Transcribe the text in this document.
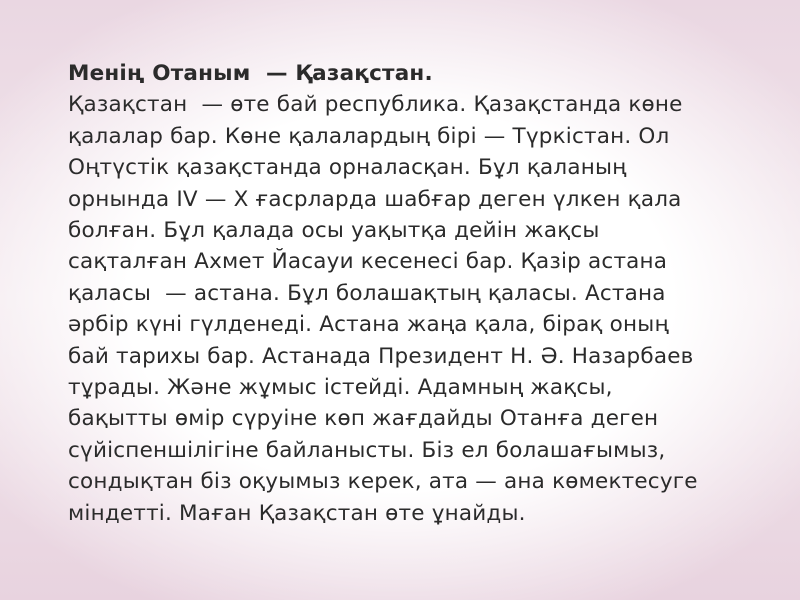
Менің Отаным  — Қазақстан.
Қазақстан  — өте бай республика. Қазақстанда көне
қалалар бар. Көне қалалардың бірі — Түркістан. Ол
Оңтүстік қазақстанда орналасқан. Бұл қаланың
орнында IV — X ғасрларда шабғар деген үлкен қала
болған. Бұл қалада осы уақытқа дейін жақсы
сақталған Ахмет Йасауи кесенесі бар. Қазір астана
қаласы  — астана. Бұл болашақтың қаласы. Астана
әрбір күні гүлденеді. Астана жаңа қала, бірақ оның
бай тарихы бар. Астанада Президент Н. Ә. Назарбаев
тұрады. Және жұмыс істейді. Адамның жақсы,
бақытты өмір сүруіне көп жағдайды Отанға деген
сүйіспеншілігіне байланысты. Біз ел болашағымыз,
сондықтан біз оқуымыз керек, ата — ана көмектесуге
міндетті. Маған Қазақстан өте ұнайды.
